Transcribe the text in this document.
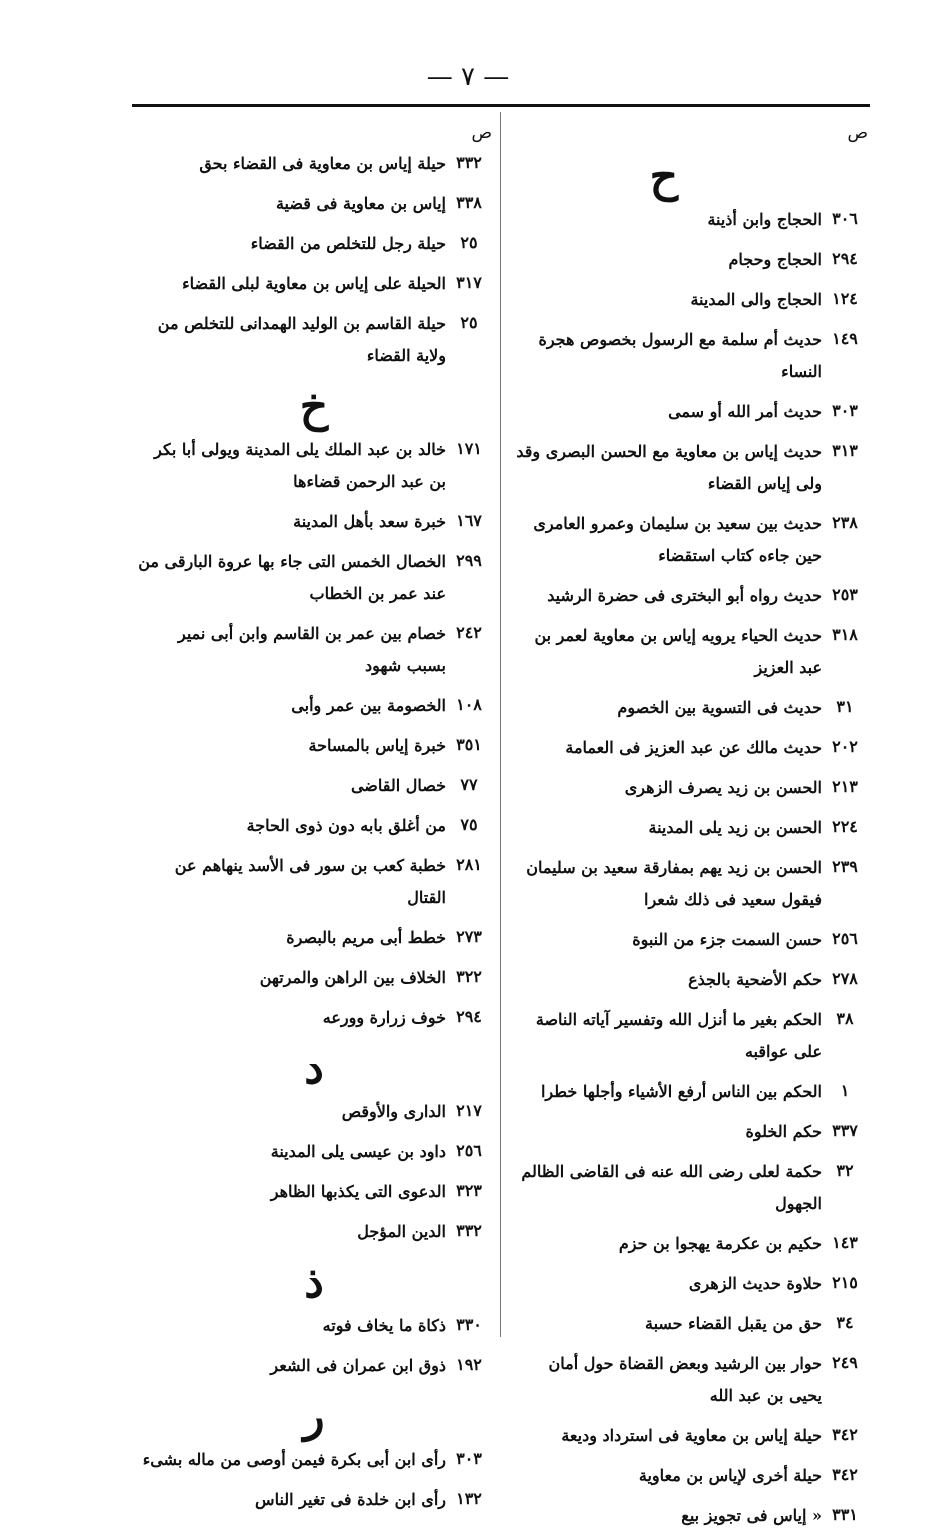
— ٧ —
ص
ح
٣٠٦
الحجاج وابن أذينة
٢٩٤
الحجاج وحجام
١٢٤
الحجاج والى المدينة
١٤٩
حديث أم سلمة مع الرسول بخصوص هجرة النساء
٣٠٣
حديث أمر الله أو سمى
٣١٣
حديث إياس بن معاوية مع الحسن البصرى وقد ولى إياس القضاء
٢٣٨
حديث بين سعيد بن سليمان وعمرو العامرى حين جاءه كتاب استقضاء
٢٥٣
حديث رواه أبو البخترى فى حضرة الرشيد
٣١٨
حديث الحياء يرويه إياس بن معاوية لعمر بن عبد العزيز
٣١
حديث فى التسوية بين الخصوم
٢٠٢
حديث مالك عن عبد العزيز فى العمامة
٢١٣
الحسن بن زيد يصرف الزهرى
٢٢٤
الحسن بن زيد يلى المدينة
٢٣٩
الحسن بن زيد يهم بمفارقة سعيد بن سليمان فيقول سعيد فى ذلك شعرا
٢٥٦
حسن السمت جزء من النبوة
٢٧٨
حكم الأضحية بالجذع
٣٨
الحكم بغير ما أنزل الله وتفسير آياته الناصة على عواقبه
١
الحكم بين الناس أرفع الأشياء وأجلها خطرا
٣٣٧
حكم الخلوة
٣٢
حكمة لعلى رضى الله عنه فى القاضى الظالم الجهول
١٤٣
حكيم بن عكرمة يهجوا بن حزم
٢١٥
حلاوة حديث الزهرى
٣٤
حق من يقبل القضاء حسبة
٢٤٩
حوار بين الرشيد وبعض القضاة حول أمان يحيى بن عبد الله
٣٤٢
حيلة إياس بن معاوية فى استرداد وديعة
٣٤٢
حيلة أخرى لإياس بن معاوية
٣٣١
« إياس فى تجويز بيع
ص
٣٣٢
حيلة إياس بن معاوية فى القضاء بحق
٣٣٨
إياس بن معاوية فى قضية
٢٥
حيلة رجل للتخلص من القضاء
٣١٧
الحيلة على إياس بن معاوية لبلى القضاء
٢٥
حيلة القاسم بن الوليد الهمدانى للتخلص من ولاية القضاء
خ
١٧١
خالد بن عبد الملك يلى المدينة ويولى أبا بكر بن عبد الرحمن قضاءها
١٦٧
خبرة سعد بأهل المدينة
٢٩٩
الخصال الخمس التى جاء بها عروة البارقى من عند عمر بن الخطاب
٢٤٢
خصام بين عمر بن القاسم وابن أبى نمير بسبب شهود
١٠٨
الخصومة بين عمر وأبى
٣٥١
خبرة إياس بالمساحة
٧٧
خصال القاضى
٧٥
من أغلق بابه دون ذوى الحاجة
٢٨١
خطبة كعب بن سور فى الأسد ينهاهم عن القتال
٢٧٣
خطط أبى مريم بالبصرة
٣٢٢
الخلاف بين الراهن والمرتهن
٢٩٤
خوف زرارة وورعه
د
٢١٧
الدارى والأوقص
٢٥٦
داود بن عيسى يلى المدينة
٣٢٣
الدعوى التى يكذبها الظاهر
٣٣٢
الدين المؤجل
ذ
٣٣٠
ذكاة ما يخاف فوته
١٩٢
ذوق ابن عمران فى الشعر
ر
٣٠٣
رأى ابن أبى بكرة فيمن أوصى من ماله بشىء
١٣٢
رأى ابن خلدة فى تغير الناس
